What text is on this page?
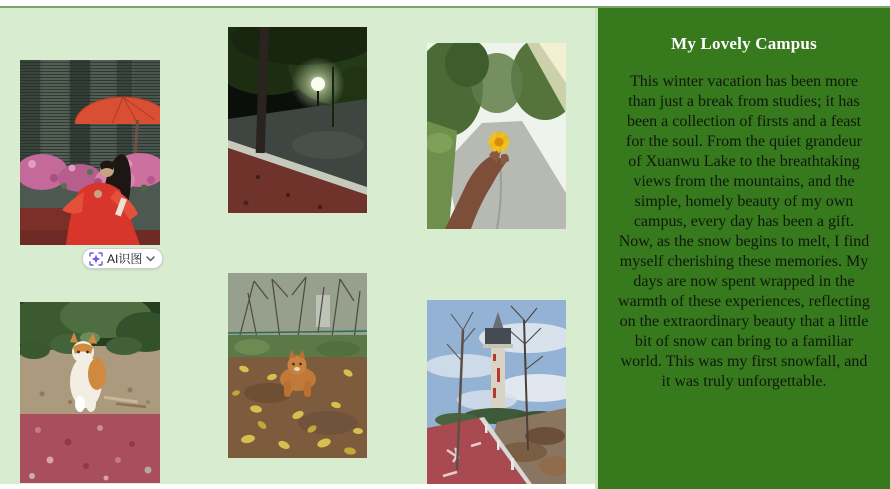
AI识图
My Lovely Campus

This winter vacation has been more than just a break from studies; it has been a collection of firsts and a feast for the soul. From the quiet grandeur of Xuanwu Lake to the breathtaking views from the mountains, and the simple, homely beauty of my own campus, every day has been a gift. Now, as the snow begins to melt, I find myself cherishing these memories. My days are now spent wrapped in the warmth of these experiences, reflecting on the extraordinary beauty that a little bit of snow can bring to a familiar world. This was my first snowfall, and it was truly unforgettable.
